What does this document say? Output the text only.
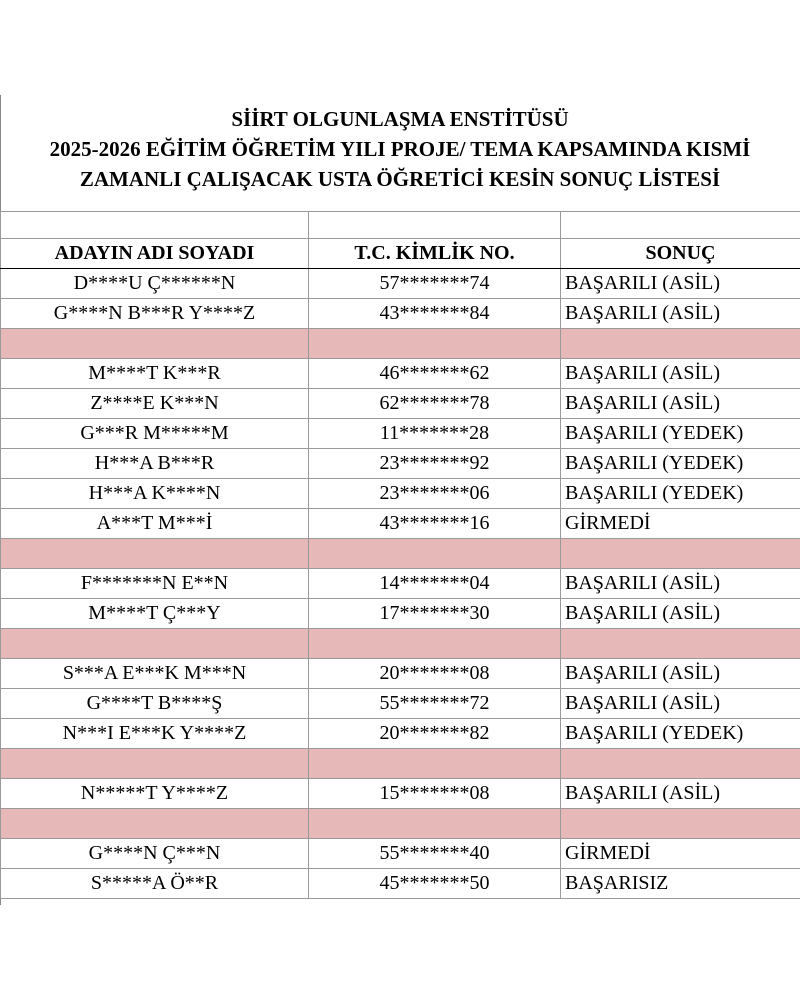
SİİRT OLGUNLAŞMA ENSTİTÜSÜ
2025-2026 EĞİTİM ÖĞRETİM YILI PROJE/ TEMA KAPSAMINDA KISMİ
ZAMANLI ÇALIŞACAK USTA ÖĞRETİCİ KESİN SONUÇ LİSTESİ

ADAYIN ADI SOYADI	T.C. KİMLİK NO.	SONUÇ
D****U Ç******N	57*******74	BAŞARILI (ASİL)
G****N B***R Y****Z	43*******84	BAŞARILI (ASİL)

M****T K***R	46*******62	BAŞARILI (ASİL)
Z****E K***N	62*******78	BAŞARILI (ASİL)
G***R M*****M	11*******28	BAŞARILI (YEDEK)
H***A B***R	23*******92	BAŞARILI (YEDEK)
H***A K****N	23*******06	BAŞARILI (YEDEK)
A***T M***İ	43*******16	GİRMEDİ

F*******N E**N	14*******04	BAŞARILI (ASİL)
M****T Ç***Y	17*******30	BAŞARILI (ASİL)

S***A E***K M***N	20*******08	BAŞARILI (ASİL)
G****T B****Ş	55*******72	BAŞARILI (ASİL)
N***I E***K Y****Z	20*******82	BAŞARILI (YEDEK)

N*****T Y****Z	15*******08	BAŞARILI (ASİL)

G****N Ç***N	55*******40	GİRMEDİ
S*****A Ö**R	45*******50	BAŞARISIZ
